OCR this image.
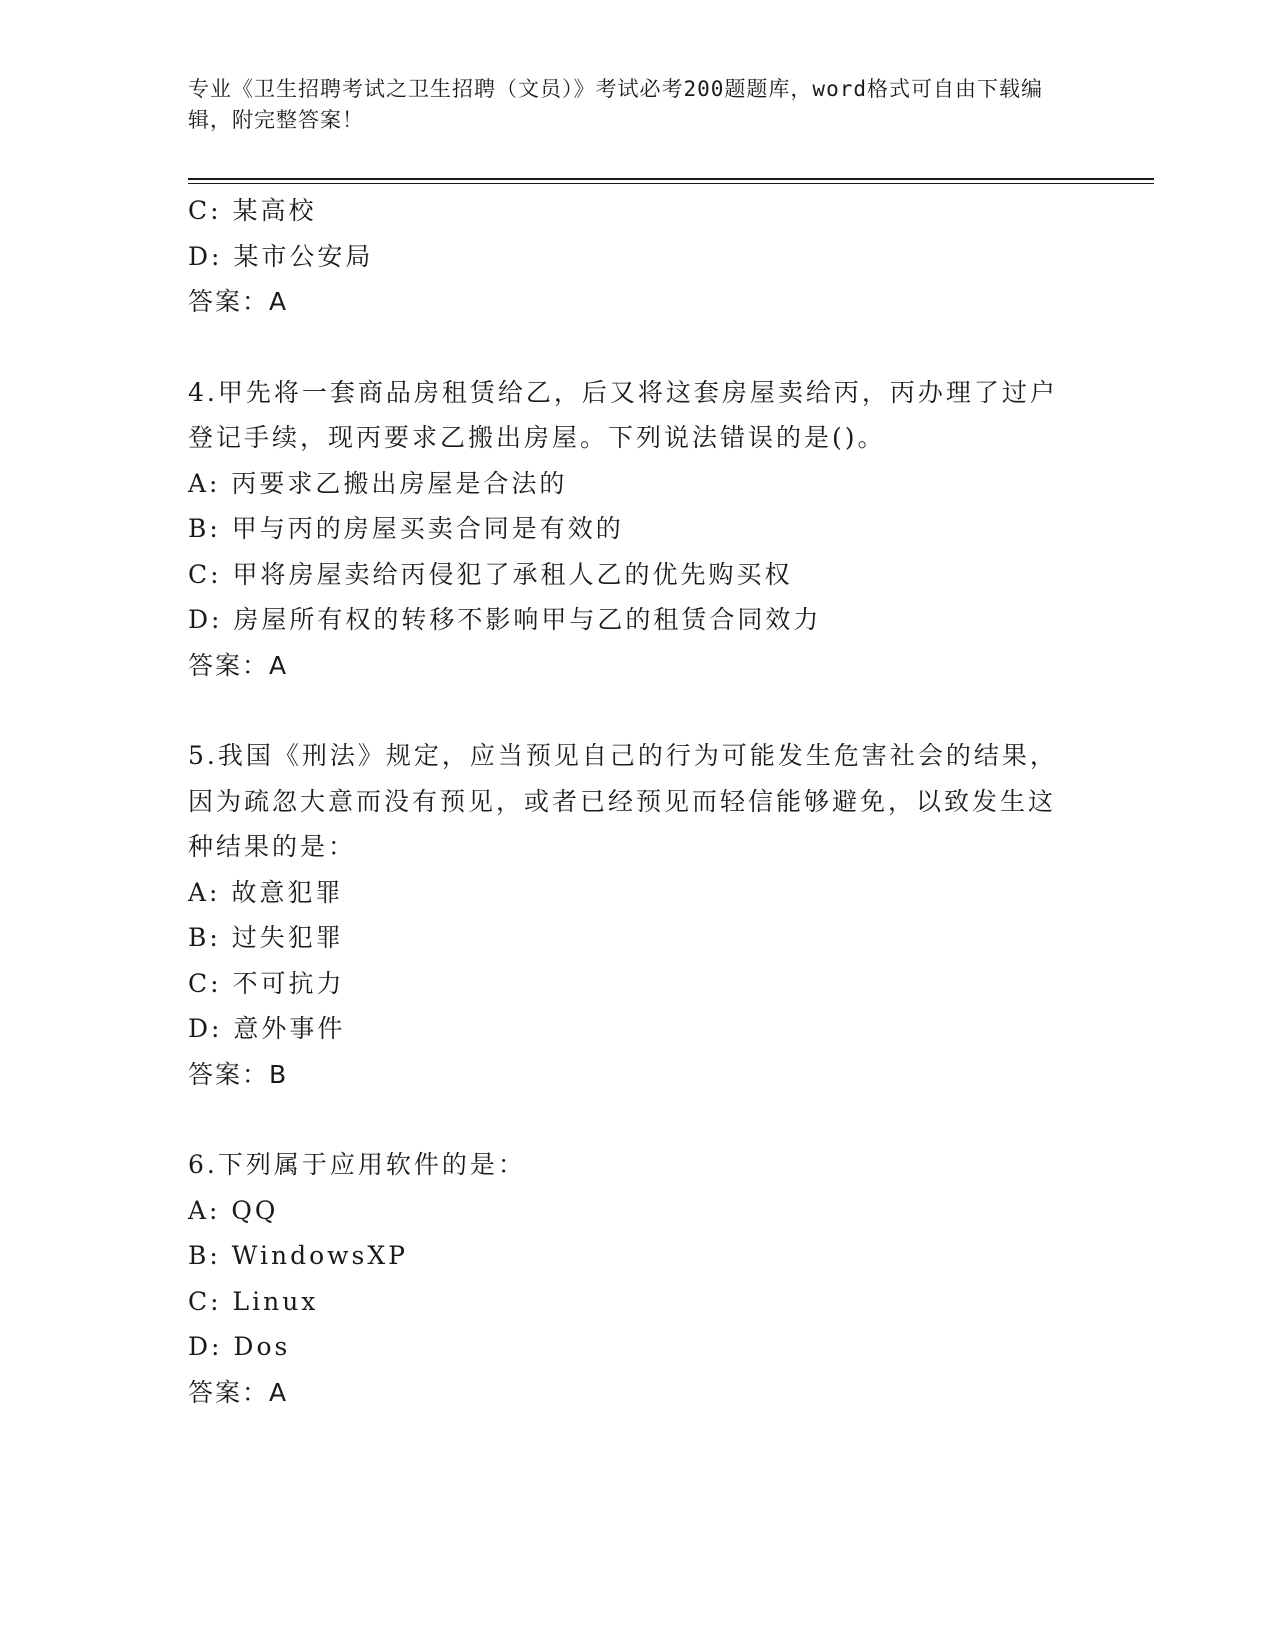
专业《卫生招聘考试之卫生招聘（文员）》考试必考200题题库，word格式可自由下载编辑，附完整答案！
C: 某高校
D: 某市公安局
答案：A
4.甲先将一套商品房租赁给乙，后又将这套房屋卖给丙，丙办理了过户登记手续，现丙要求乙搬出房屋。下列说法错误的是()。
A: 丙要求乙搬出房屋是合法的
B: 甲与丙的房屋买卖合同是有效的
C: 甲将房屋卖给丙侵犯了承租人乙的优先购买权
D: 房屋所有权的转移不影响甲与乙的租赁合同效力
答案：A
5.我国《刑法》规定，应当预见自己的行为可能发生危害社会的结果，因为疏忽大意而没有预见，或者已经预见而轻信能够避免，以致发生这种结果的是：
A: 故意犯罪
B: 过失犯罪
C: 不可抗力
D: 意外事件
答案：B
6.下列属于应用软件的是：
A: QQ
B: WindowsXP
C: Linux
D: Dos
答案：A
